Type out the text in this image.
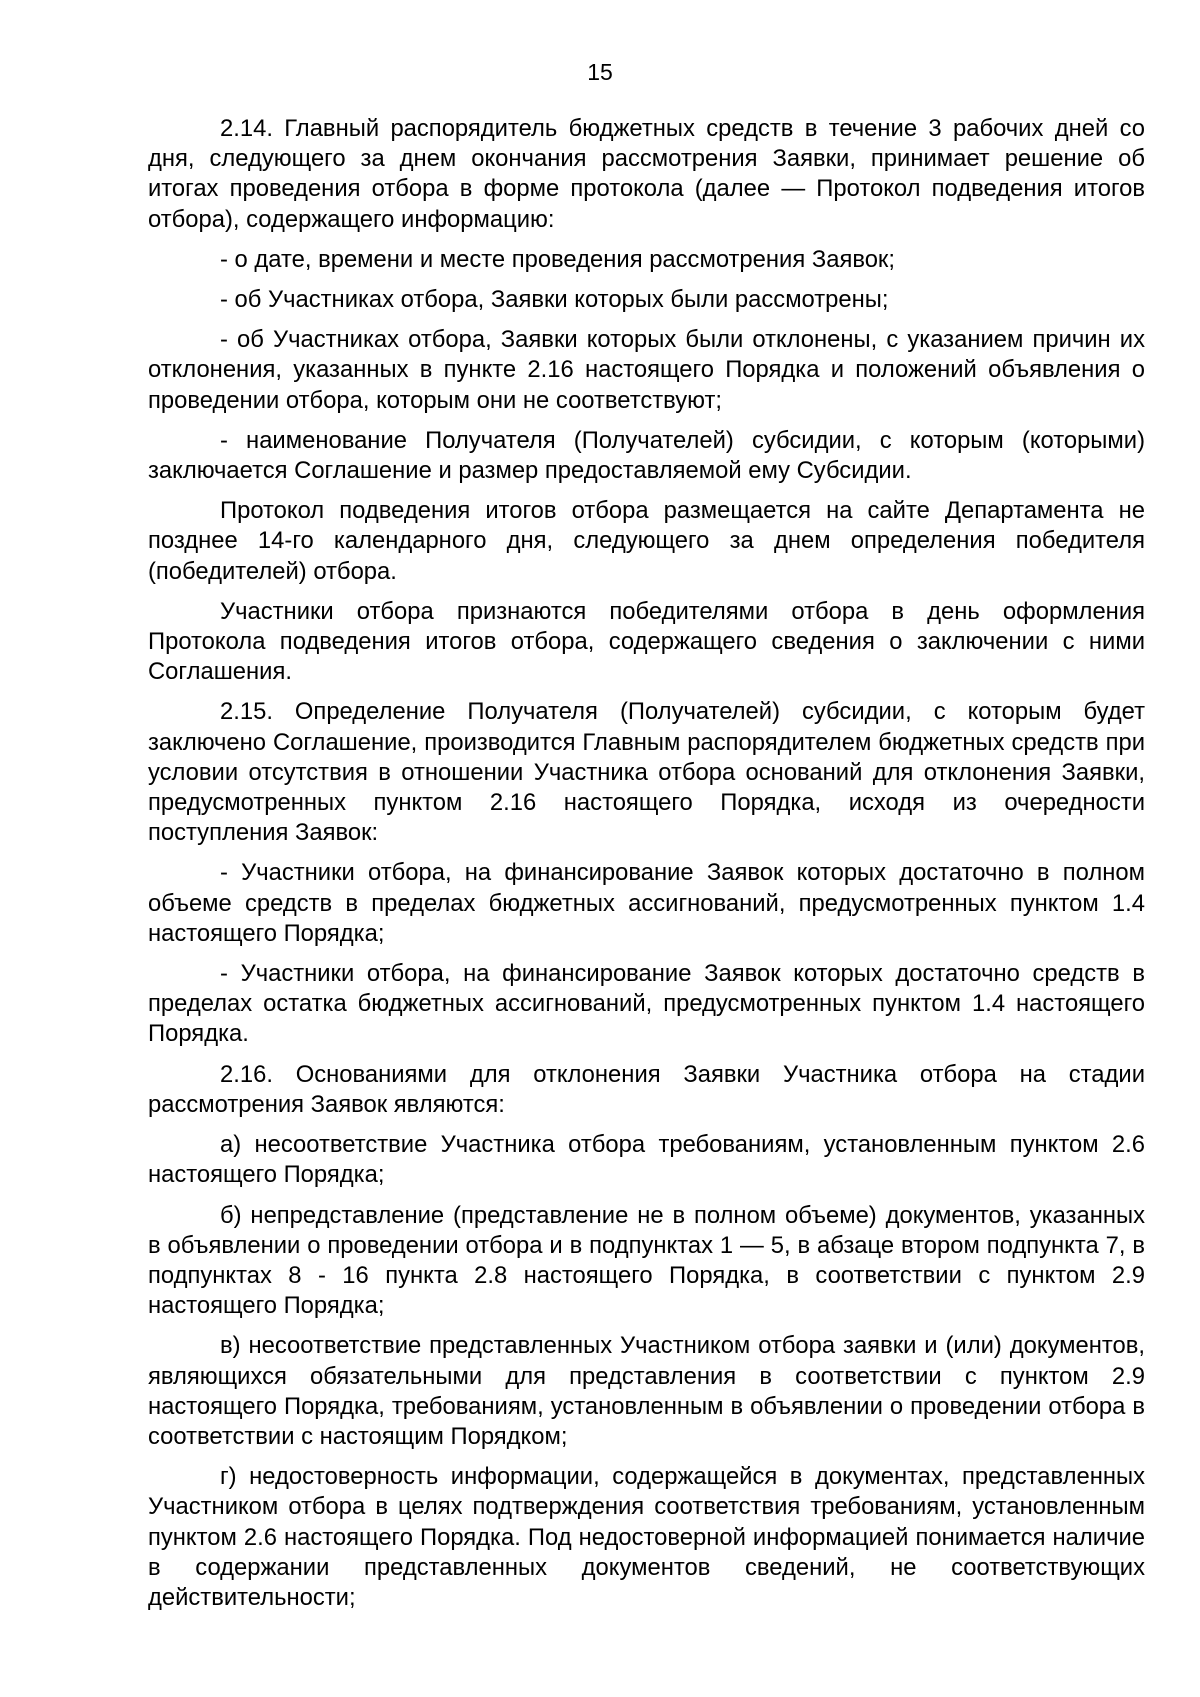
15

2.14. Главный распорядитель бюджетных средств в течение 3 рабочих дней со дня, следующего за днем окончания рассмотрения Заявки, принимает решение об итогах проведения отбора в форме протокола (далее — Протокол подведения итогов отбора), содержащего информацию:

- о дате, времени и месте проведения рассмотрения Заявок;

- об Участниках отбора, Заявки которых были рассмотрены;

- об Участниках отбора, Заявки которых были отклонены, с указанием причин их отклонения, указанных в пункте 2.16 настоящего Порядка и положений объявления о проведении отбора, которым они не соответствуют;

- наименование Получателя (Получателей) субсидии, с которым (которыми) заключается Соглашение и размер предоставляемой ему Субсидии.

Протокол подведения итогов отбора размещается на сайте Департамента не позднее 14-го календарного дня, следующего за днем определения победителя (победителей) отбора.

Участники отбора признаются победителями отбора в день оформления Протокола подведения итогов отбора, содержащего сведения о заключении с ними Соглашения.

2.15. Определение Получателя (Получателей) субсидии, с которым будет заключено Соглашение, производится Главным распорядителем бюджетных средств при условии отсутствия в отношении Участника отбора оснований для отклонения Заявки, предусмотренных пунктом 2.16 настоящего Порядка, исходя из очередности поступления Заявок:

- Участники отбора, на финансирование Заявок которых достаточно в полном объеме средств в пределах бюджетных ассигнований, предусмотренных пунктом 1.4 настоящего Порядка;

- Участники отбора, на финансирование Заявок которых достаточно средств в пределах остатка бюджетных ассигнований, предусмотренных пунктом 1.4 настоящего Порядка.

2.16. Основаниями для отклонения Заявки Участника отбора на стадии рассмотрения Заявок являются:

а) несоответствие Участника отбора требованиям, установленным пунктом 2.6 настоящего Порядка;

б) непредставление (представление не в полном объеме) документов, указанных в объявлении о проведении отбора и в подпунктах 1 — 5, в абзаце втором подпункта 7, в подпунктах 8 - 16 пункта 2.8 настоящего Порядка, в соответствии с пунктом 2.9 настоящего Порядка;

в) несоответствие представленных Участником отбора заявки и (или) документов, являющихся обязательными для представления в соответствии с пунктом 2.9 настоящего Порядка, требованиям, установленным в объявлении о проведении отбора в соответствии с настоящим Порядком;

г) недостоверность информации, содержащейся в документах, представленных Участником отбора в целях подтверждения соответствия требованиям, установленным пунктом 2.6 настоящего Порядка. Под недостоверной информацией понимается наличие в содержании представленных документов сведений, не соответствующих действительности;
